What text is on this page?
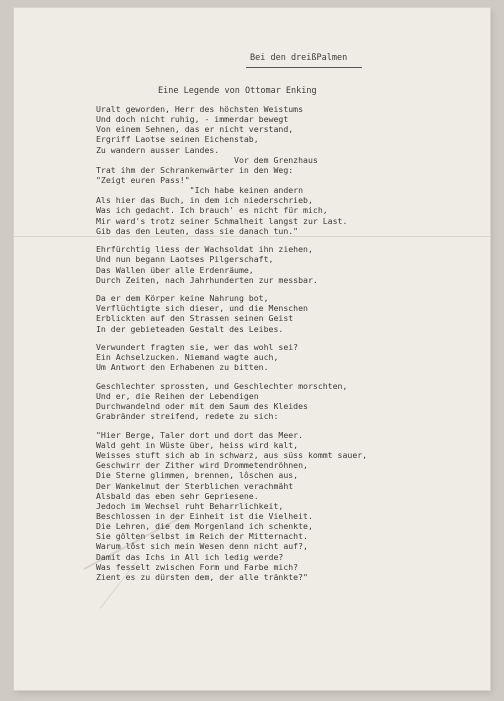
Bei den dreißPalmen
Eine Legende von Ottomar Enking
Uralt geworden, Herr des höchsten Weistums
Und doch nicht ruhig, - immerdar bewegt
Von einem Sehnen, das er nicht verstand,
Ergriff Laotse seinen Eichenstab,
Zu wandern ausser Landes.
Vor dem Grenzhaus
Trat ihm der Schrankenwärter in den Weg:
"Zeigt euren Pass!"
"Ich habe keinen andern
Als hier das Buch, in dem ich niederschrieb,
Was ich gedacht. Ich brauch' es nicht für mich,
Mir ward's trotz seiner Schmalheit langst zur Last.
Gib das den Leuten, dass sie danach tun."
Ehrfürchtig liess der Wachsoldat ihn ziehen,
Und nun begann Laotses Pilgerschaft,
Das Wallen über alle Erdenräume,
Durch Zeiten, nach Jahrhunderten zur messbar.
Da er dem Körper keine Nahrung bot,
Verflüchtigte sich dieser, und die Menschen
Erblickten auf den Strassen seinen Geist
In der gebieteaden Gestalt des Leibes.
Verwundert fragten sie, wer das wohl sei?
Ein Achselzucken. Niemand wagte auch,
Um Antwort den Erhabenen zu bitten.
Geschlechter sprossten, und Geschlechter morschten,
Und er, die Reihen der Lebendigen
Durchwandelnd oder mit dem Saum des Kleides
Grabränder streifend, redete zu sich:
"Hier Berge, Taler dort und dort das Meer.
Wald geht in Wüste über, heiss wird kalt,
Weisses stuft sich ab in schwarz, aus süss kommt sauer,
Geschwirr der Zither wird Drommetendröhnen,
Die Sterne glimmen, brennen, lôschen aus,
Der Wankelmut der Sterblichen verachmäht
Alsbald das eben sehr Gepriesene.
Jedoch im Wechsel ruht Beharrlichkeit,
Beschlossen in der Einheit ist die Vielheit.
Die Lehren, die dem Morgenland ich schenkte,
Sie gölten selbst im Reich der Mitternacht.
Warum lôst sich mein Wesen denn nicht auf?,
Damit das Ichs in All ich ledig werde?
Was fesselt zwischen Form und Farbe mich?
Zient es zu dürsten dem, der alle tränkte?"
